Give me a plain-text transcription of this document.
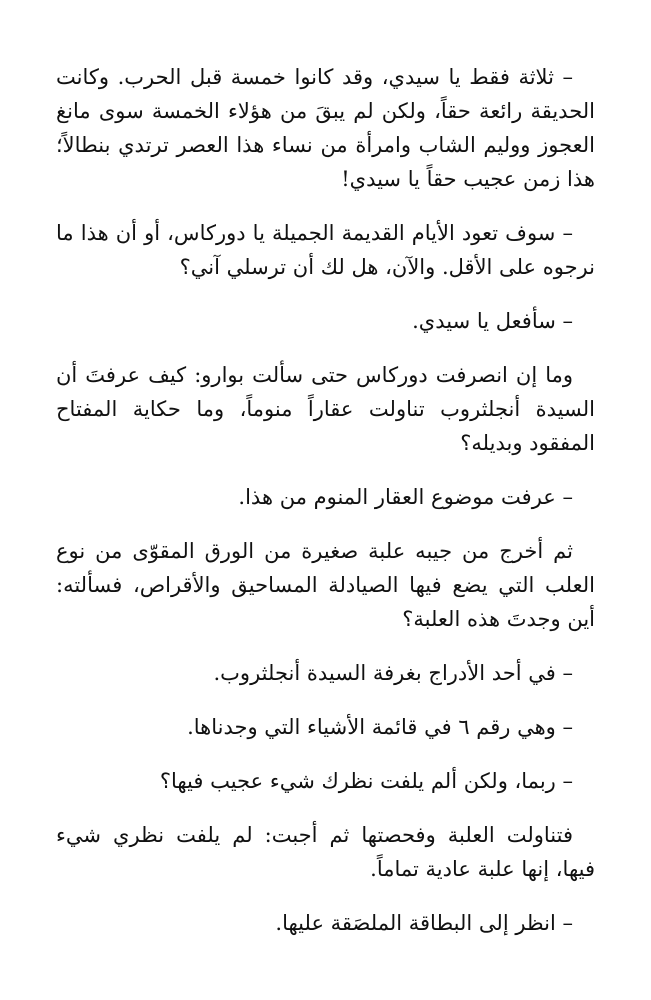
– ثلاثة فقط يا سيدي، وقد كانوا خمسة قبل الحرب. وكانت الحديقة رائعة حقاً، ولكن لم يبقَ من هؤلاء الخمسة سوى مانغ العجوز ووليم الشاب وامرأة من نساء هذا العصر ترتدي بنطالاً؛ هذا زمن عجيب حقاً يا سيدي!

– سوف تعود الأيام القديمة الجميلة يا دوركاس، أو أن هذا ما نرجوه على الأقل. والآن، هل لك أن ترسلي آني؟

– سأفعل يا سيدي.

وما إن انصرفت دوركاس حتى سألت بوارو: كيف عرفتَ أن السيدة أنجلثروب تناولت عقاراً منوماً، وما حكاية المفتاح المفقود وبديله؟

– عرفت موضوع العقار المنوم من هذا.

ثم أخرج من جيبه علبة صغيرة من الورق المقوّى من نوع العلب التي يضع فيها الصيادلة المساحيق والأقراص، فسألته: أين وجدتَ هذه العلبة؟

– في أحد الأدراج بغرفة السيدة أنجلثروب.

– وهي رقم ٦ في قائمة الأشياء التي وجدناها.

– ربما، ولكن ألم يلفت نظرك شيء عجيب فيها؟

فتناولت العلبة وفحصتها ثم أجبت: لم يلفت نظري شيء فيها، إنها علبة عادية تماماً.

– انظر إلى البطاقة الملصَقة عليها.
